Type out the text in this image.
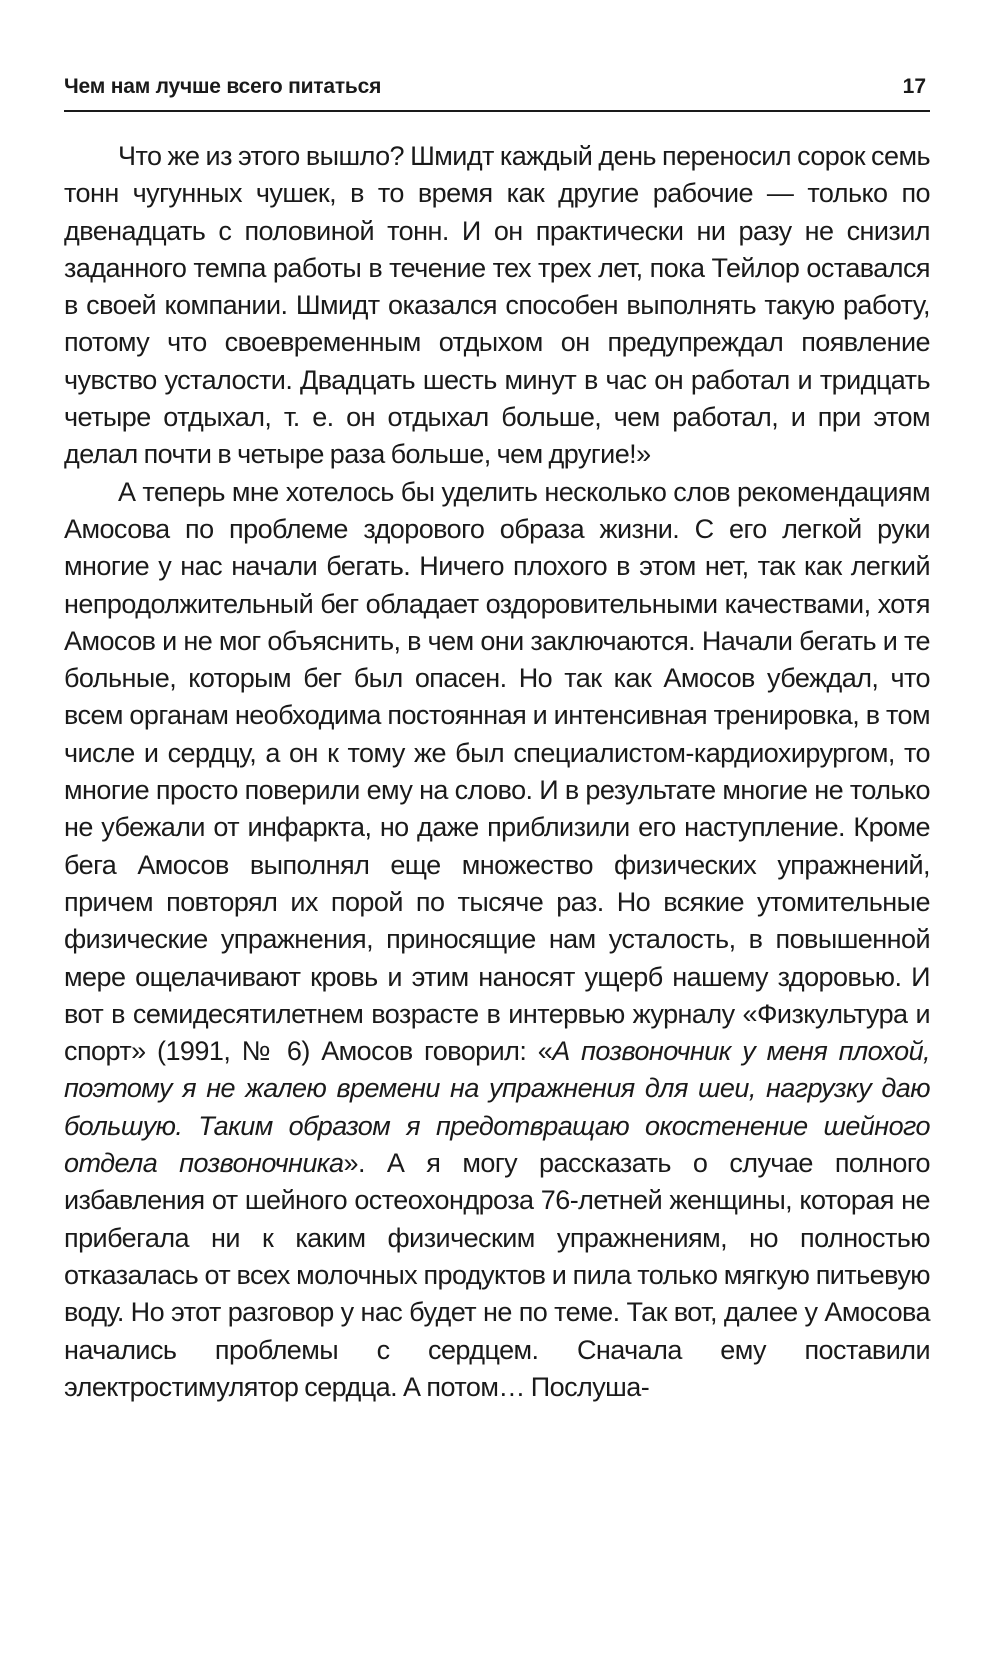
Чем нам лучше всего питаться	17

Что же из этого вышло? Шмидт каждый день переносил сорок семь тонн чугунных чушек, в то время как другие рабочие — только по двенадцать с половиной тонн. И он практически ни разу не снизил заданного темпа работы в течение тех трех лет, пока Тейлор оставался в своей компании. Шмидт оказался способен выполнять такую работу, потому что своевременным отдыхом он предупреждал появление чувство усталости. Двадцать шесть минут в час он работал и тридцать четыре отдыхал, т. е. он отдыхал больше, чем работал, и при этом делал почти в четыре раза больше, чем другие!»

А теперь мне хотелось бы уделить несколько слов рекомендациям Амосова по проблеме здорового образа жизни. С его легкой руки многие у нас начали бегать. Ничего плохого в этом нет, так как легкий непродолжительный бег обладает оздоровительными качествами, хотя Амосов и не мог объяснить, в чем они заключаются. Начали бегать и те больные, которым бег был опасен. Но так как Амосов убеждал, что всем органам необходима постоянная и интенсивная тренировка, в том числе и сердцу, а он к тому же был специалистом-кардиохирургом, то многие просто поверили ему на слово. И в результате многие не только не убежали от инфаркта, но даже приблизили его наступление. Кроме бега Амосов выполнял еще множество физических упражнений, причем повторял их порой по тысяче раз. Но всякие утомительные физические упражнения, приносящие нам усталость, в повышенной мере ощелачивают кровь и этим наносят ущерб нашему здоровью. И вот в семидесятилетнем возрасте в интервью журналу «Физкультура и спорт» (1991, № 6) Амосов говорил: «А позвоночник у меня плохой, поэтому я не жалею времени на упражнения для шеи, нагрузку даю большую. Таким образом я предотвращаю окостенение шейного отдела позвоночника». А я могу рассказать о случае полного избавления от шейного остеохондроза 76-летней женщины, которая не прибегала ни к каким физическим упражнениям, но полностью отказалась от всех молочных продуктов и пила только мягкую питьевую воду. Но этот разговор у нас будет не по теме. Так вот, далее у Амосова начались проблемы с сердцем. Сначала ему поставили электростимулятор сердца. А потом… Послуша-
